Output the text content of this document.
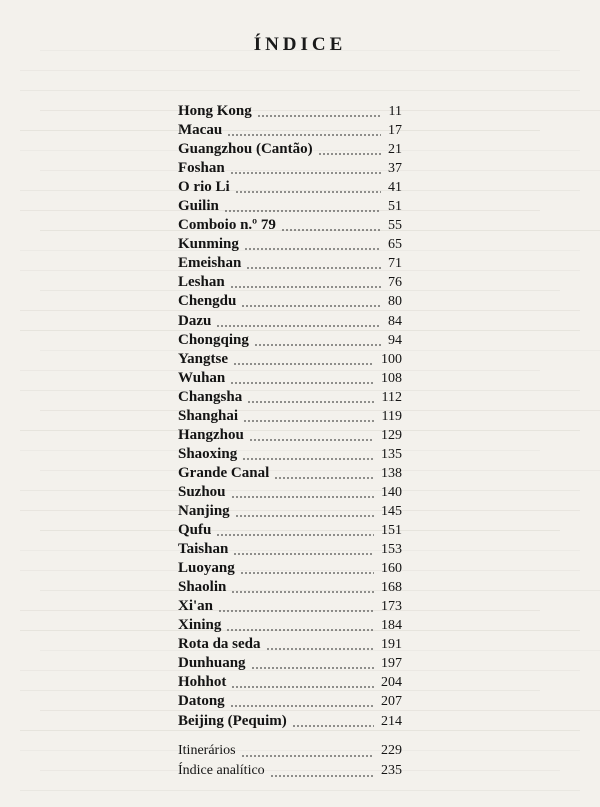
ÍNDICE
Hong Kong	11
Macau	17
Guangzhou (Cantão)	21
Foshan	37
O rio Li	41
Guilin	51
Comboio n.º 79	55
Kunming	65
Emeishan	71
Leshan	76
Chengdu	80
Dazu	84
Chongqing	94
Yangtse	100
Wuhan	108
Changsha	112
Shanghai	119
Hangzhou	129
Shaoxing	135
Grande Canal	138
Suzhou	140
Nanjing	145
Qufu	151
Taishan	153
Luoyang	160
Shaolin	168
Xi'an	173
Xining	184
Rota da seda	191
Dunhuang	197
Hohhot	204
Datong	207
Beijing (Pequim)	214
Itinerários	229
Índice analítico	235
